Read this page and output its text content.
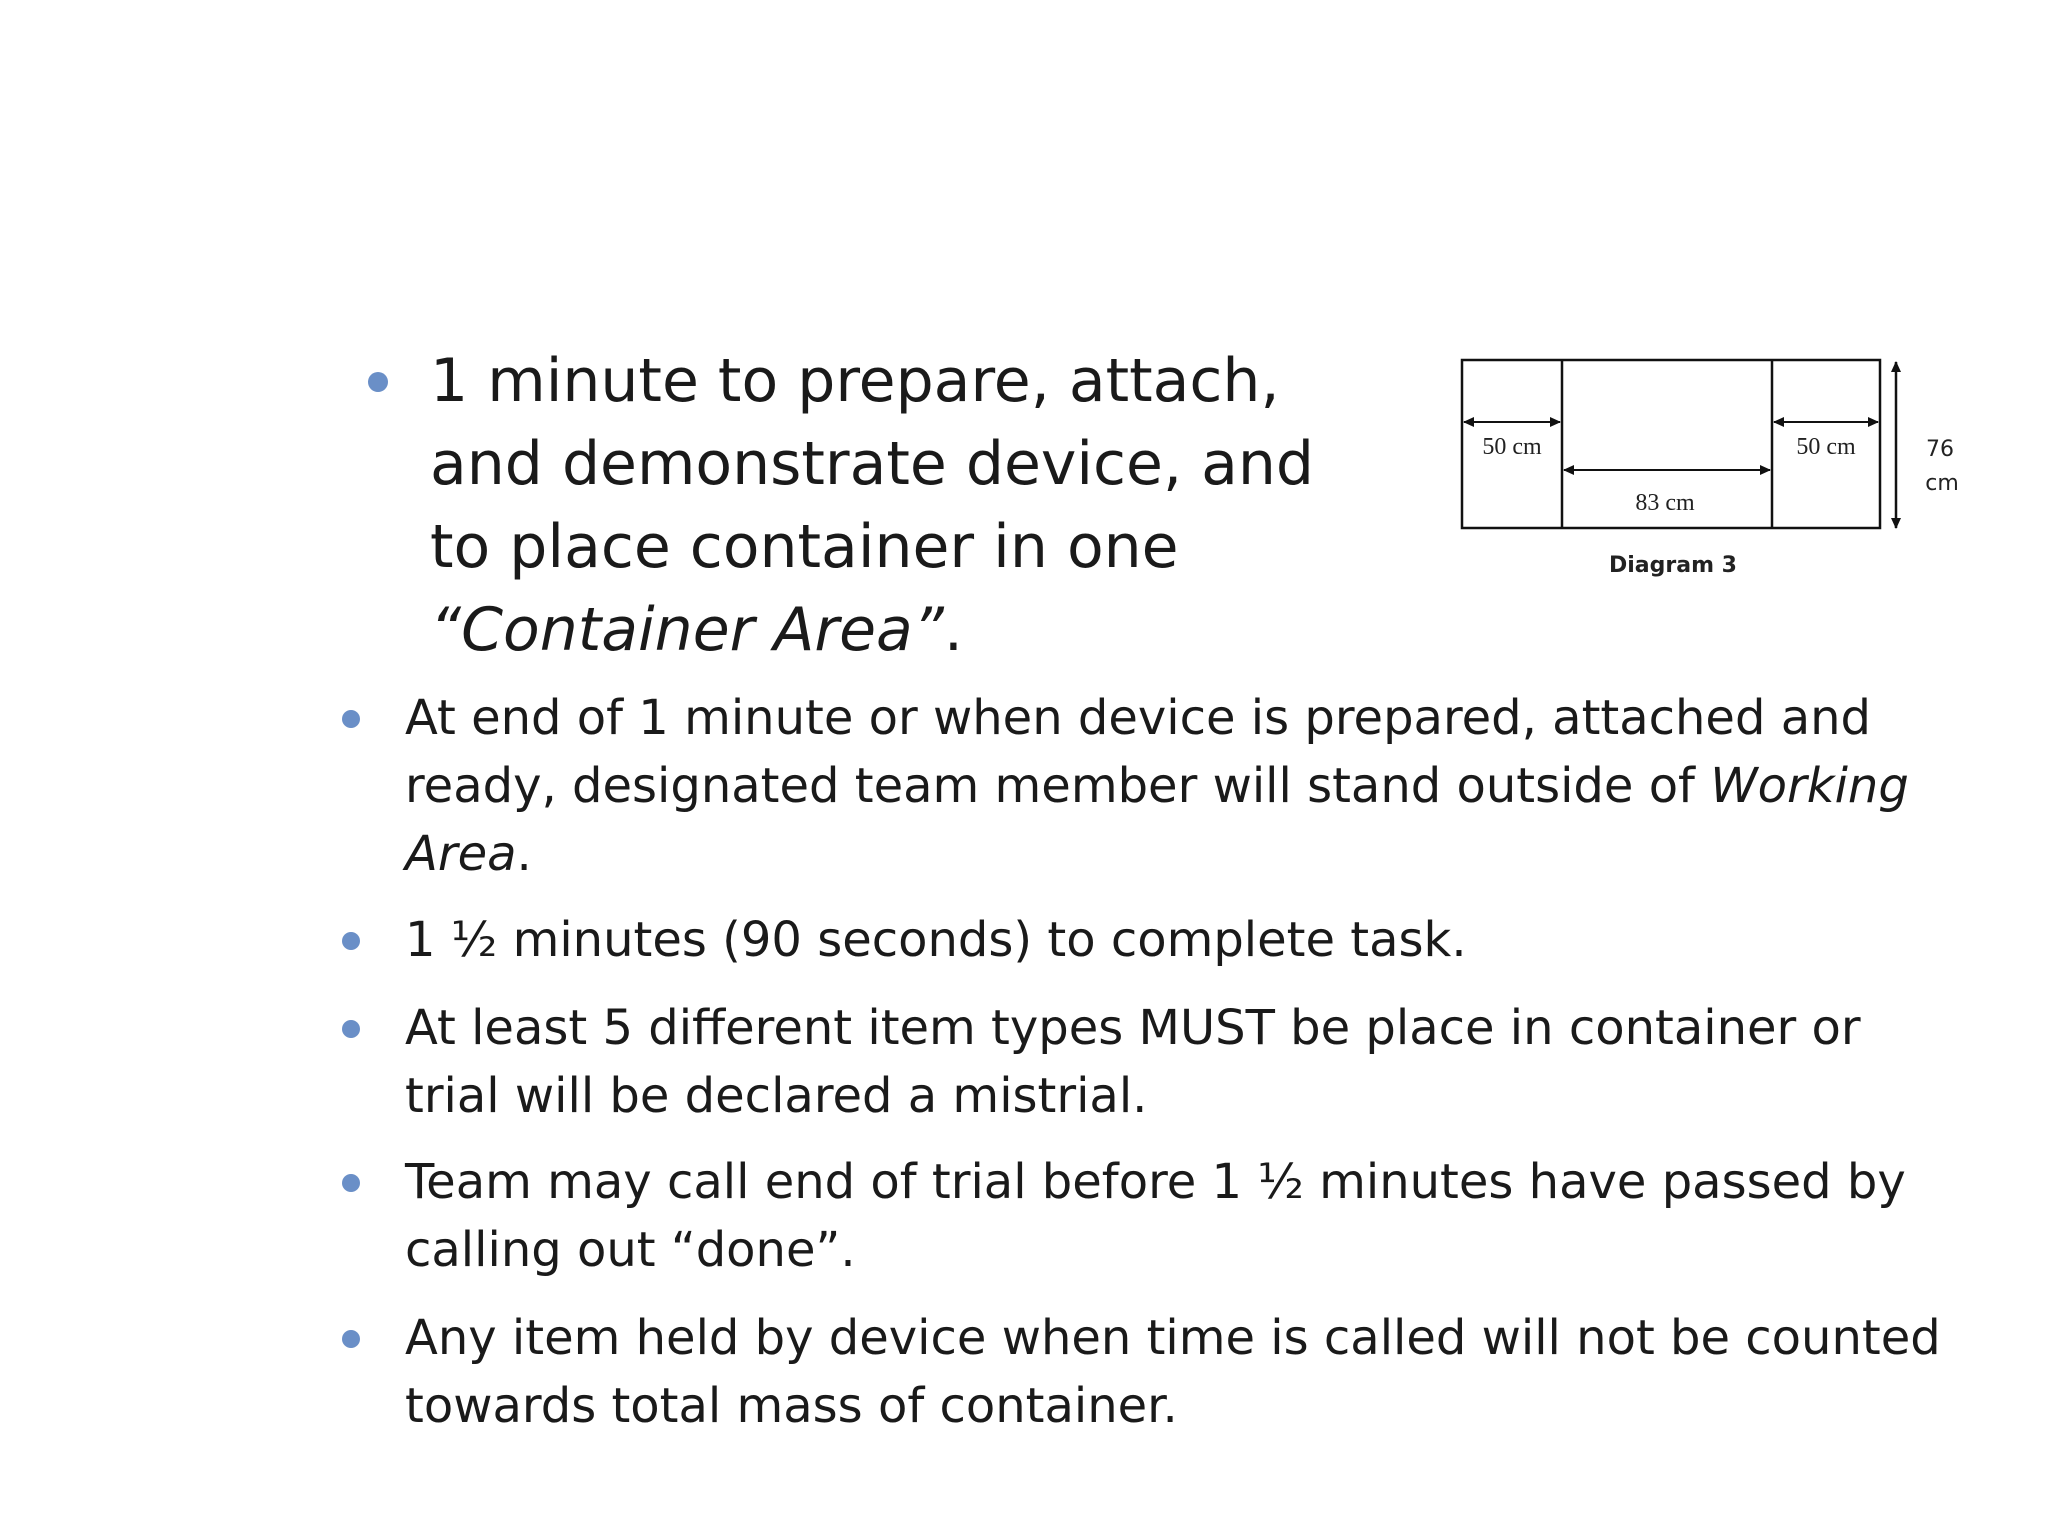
1 minute to prepare, attach, and demonstrate device, and to place container in one “Container Area”.
50 cm	50 cm
83 cm
76
cm
Diagram 3
At end of 1 minute or when device is prepared, attached and ready, designated team member will stand outside of Working Area.
1 ½ minutes (90 seconds) to complete task.
At least 5 different item types MUST be place in container or trial will be declared a mistrial.
Team may call end of trial before 1 ½ minutes have passed by calling out “done”.
Any item held by device when time is called will not be counted towards total mass of container.
